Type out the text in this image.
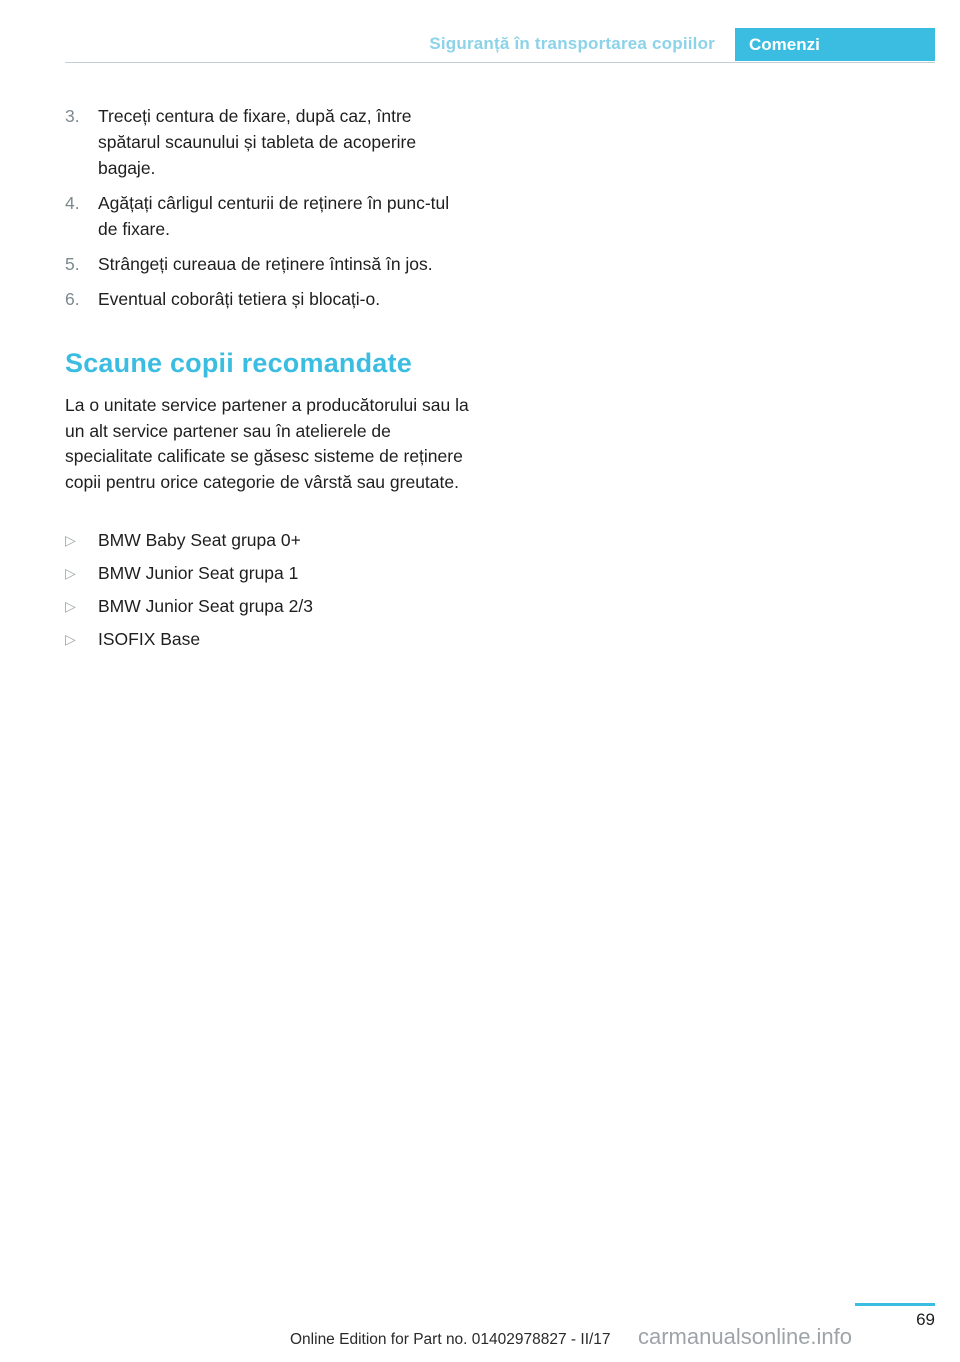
Siguranță în transportarea copiilor	Comenzi
3.	Treceți centura de fixare, după caz, între spătarul scaunului și tableta de acoperire bagaje.
4.	Agățați cârligul centurii de reținere în punc-tul de fixare.
5.	Strângeți cureaua de reținere întinsă în jos.
6.	Eventual coborâți tetiera și blocați-o.
Scaune copii recomandate

La o unitate service partener a producătorului sau la un alt service partener sau în atelierele de specialitate calificate se găsesc sisteme de reținere copii pentru orice categorie de vârstă sau greutate.

▷	BMW Baby Seat grupa 0+
▷	BMW Junior Seat grupa 1
▷	BMW Junior Seat grupa 2/3
▷	ISOFIX Base
69
Online Edition for Part no. 01402978827 - II/17 carmanualsonline.info
